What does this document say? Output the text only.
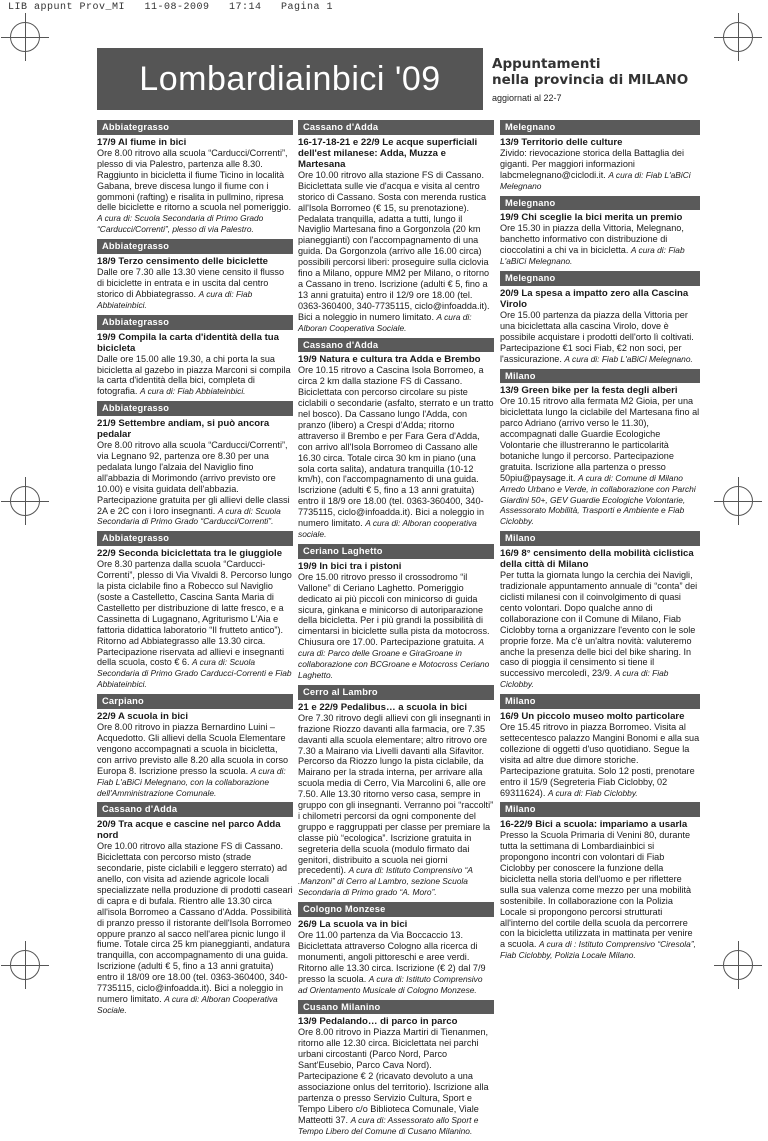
LIB appunt Prov_MI   11-08-2009   17:14   Pagina 1
Lombardiainbici '09	Appuntamenti
nella provincia di MILANO
aggiornati al 22-7
Abbiategrasso
17/9 Al fiume in bici
Ore 8.00 ritrovo alla scuola “Carducci/Correnti”, plesso di via Palestro, partenza alle 8.30. Raggiunto in bicicletta il fiume Ticino in località Gabana, breve discesa lungo il fiume con i gommoni (rafting) e risalita in pullmino, ripresa delle biciclette e ritorno a scuola nel pomeriggio. A cura di: Scuola Secondaria di Primo Grado “Carducci/Correnti”, plesso di via Palestro.
Abbiategrasso
18/9 Terzo censimento delle biciclette
Dalle ore 7.30 alle 13.30 viene censito il flusso di biciclette in entrata e in uscita dal centro storico di Abbiategrasso. A cura di: Fiab Abbiateinbici.
Abbiategrasso
19/9 Compila la carta d'identità della tua bicicleta
Dalle ore 15.00 alle 19.30, a chi porta la sua bicicletta al gazebo in piazza Marconi si compila la carta d'identità della bici, completa di fotografia. A cura di: Fiab Abbiateinbici.
Abbiategrasso
21/9 Settembre andiam, si può ancora pedalar
Ore 8.00 ritrovo alla scuola “Carducci/Correnti”, via Legnano 92, partenza ore 8.30 per una pedalata lungo l'alzaia del Naviglio fino all'abbazia di Morimondo (arrivo previsto ore 10.00) e visita guidata dell'abbazia. Partecipazione gratuita per gli allievi delle classi 2A e 2C con i loro insegnanti. A cura di: Scuola Secondaria di Primo Grado “Carducci/Correnti”.
Abbiategrasso
22/9 Seconda biciclettata tra le giuggiole
Ore 8.30 partenza dalla scuola “Carducci-Correnti”, plesso di Via Vivaldi 8. Percorso lungo la pista ciclabile fino a Robecco sul Naviglio (soste a Castelletto, Cascina Santa Maria di Castelletto per distribuzione di latte fresco, e a Cassinetta di Lugagnano, Agriturismo L'Aia e fattoria didattica laboratorio “Il frutteto antico”). Ritorno ad Abbiategrasso alle 13.30 circa. Partecipazione riservata ad allievi e insegnanti della scuola, costo € 6. A cura di: Scuola Secondaria di Primo Grado Carducci-Correnti e Fiab Abbiateinbici.
Carpiano
22/9 A scuola in bici
Ore 8.00 ritrovo in piazza Bernardino Luini – Acquedotto. Gli allievi della Scuola Elementare vengono accompagnati a scuola in bicicletta, con arrivo previsto alle 8.20 alla scuola in corso Europa 8. Iscrizione presso la scuola. A cura di: Fiab L'aBiCi Melegnano, con la collaborazione dell'Amministrazione Comunale.
Cassano d'Adda
20/9 Tra acque e cascine nel parco Adda nord
Ore 10.00 ritrovo alla stazione FS di Cassano. Biciclettata con percorso misto (strade secondarie, piste ciclabili e leggero sterrato) ad anello, con visita ad aziende agricole locali specializzate nella produzione di prodotti caseari di capra e di bufala. Rientro alle 13.30 circa all'isola Borromeo a Cassano d'Adda. Possibilità di pranzo presso il ristorante dell'Isola Borromeo oppure pranzo al sacco nell'area picnic lungo il fiume. Totale circa 25 km pianeggianti, andatura tranquilla, con accompagnamento di una guida. Iscrizione (adulti € 5, fino a 13 anni gratuita) entro il 18/09 ore 18.00 (tel. 0363-360400, 340-7735115, ciclo@infoadda.it). Bici a noleggio in numero limitato. A cura di: Alboran Cooperativa Sociale.
Cassano d'Adda
16-17-18-21 e 22/9 Le acque superficiali dell'est milanese: Adda, Muzza e Martesana
Ore 10.00 ritrovo alla stazione FS di Cassano. Biciclettata sulle vie d'acqua e visita al centro storico di Cassano. Sosta con merenda rustica all'Isola Borromeo (€ 15, su prenotazione). Pedalata tranquilla, adatta a tutti, lungo il Naviglio Martesana fino a Gorgonzola (20 km pianeggianti) con l'accompagnamento di una guida. Da Gorgonzola (arrivo alle 16.00 circa) possibili percorsi liberi: proseguire sulla ciclovia fino a Milano, oppure MM2 per Milano, o ritorno a Cassano in treno. Iscrizione (adulti € 5, fino a 13 anni gratuita) entro il 12/9 ore 18.00 (tel. 0363-360400, 340-7735115, ciclo@infoadda.it). Bici a noleggio in numero limitato. A cura di: Alboran Cooperativa Sociale.
Cassano d'Adda
19/9 Natura e cultura tra Adda e Brembo
Ore 10.15 ritrovo a Cascina Isola Borromeo, a circa 2 km dalla stazione FS di Cassano. Biciclettata con percorso circolare su piste ciclabili o secondarie (asfalto, sterrato e un tratto nel bosco). Da Cassano lungo l'Adda, con pranzo (libero) a Crespi d'Adda; ritorno attraverso il Brembo e per Fara Gera d'Adda, con arrivo all'Isola Borromeo di Cassano alle 16.30 circa. Totale circa 30 km in piano (una sola corta salita), andatura tranquilla (10-12 km/h), con l'accompagnamento di una guida. Iscrizione (adulti € 5, fino a 13 anni gratuita) entro il 18/9 ore 18.00 (tel. 0363-360400, 340-7735115, ciclo@infoadda.it). Bici a noleggio in numero limitato. A cura di: Alboran cooperativa sociale.
Ceriano Laghetto
19/9 In bici tra i pistoni
Ore 15.00 ritrovo presso il crossodromo “il Vallone” di Ceriano Laghetto. Pomeriggio dedicato ai più piccoli con minicorso di guida sicura, ginkana e minicorso di autoriparazione della bicicletta. Per i più grandi la possibilità di cimentarsi in biciclette sulla pista da motocross. Chiusura ore 17.00. Partecipazione gratuita. A cura di: Parco delle Groane e GiraGroane in collaborazione con BCGroane e Motocross Ceriano Laghetto.
Cerro al Lambro
21 e 22/9 Pedalibus… a scuola in bici
Ore 7.30 ritrovo degli allievi con gli insegnanti in frazione Riozzo davanti alla farmacia, ore 7.35 davanti alla scuola elementare; altro ritrovo ore 7.30 a Mairano via Livelli davanti alla Sifavitor. Percorso da Riozzo lungo la pista ciclabile, da Mairano per la strada interna, per arrivare alla scuola media di Cerro, Via Marcolini 6, alle ore 7.50. Alle 13.30 ritorno verso casa, sempre in gruppo con gli insegnanti. Verranno poi “raccolti” i chilometri percorsi da ogni componente del gruppo e raggruppati per classe per premiare la classe più “ecologica”. Iscrizione gratuita in segreteria della scuola (modulo firmato dai genitori, distribuito a scuola nei giorni precedenti). A cura di: Istituto Comprensivo “A .Manzoni” di Cerro al Lambro, sezione Scuola Secondaria di Primo grado “A. Moro”.
Cologno Monzese
26/9 La scuola va in bici
Ore 11.00 partenza da Via Boccaccio 13. Biciclettata attraverso Cologno alla ricerca di monumenti, angoli pittoreschi e aree verdi. Ritorno alle 13.30 circa. Iscrizione (€ 2) dal 7/9 presso la scuola. A cura di: Istituto Comprensivo ad Orientamento Musicale di Cologno Monzese.
Cusano Milanino
13/9 Pedalando… di parco in parco
Ore 8.00 ritrovo in Piazza Martiri di Tienanmen, ritorno alle 12.30 circa. Biciclettata nei parchi urbani circostanti (Parco Nord, Parco Sant'Eusebio, Parco Cava Nord). Partecipazione € 2 (ricavato devoluto a una associazione onlus del territorio). Iscrizione alla partenza o presso Servizio Cultura, Sport e Tempo Libero c/o Biblioteca Comunale, Viale Matteotti 37. A cura di: Assessorato allo Sport e Tempo Libero del Comune di Cusano Milanino.
Melegnano
13/9 Territorio delle culture
Zivido: rievocazione storica della Battaglia dei giganti. Per maggiori informazioni labcmelegnano@ciclodi.it. A cura di: Fiab L'aBiCi Melegnano
Melegnano
19/9 Chi sceglie la bici merita un premio
Ore 15.30 in piazza della Vittoria, Melegnano, banchetto informativo con distribuzione di cioccolatini a chi va in bicicletta. A cura di: Fiab L'aBiCi Melegnano.
Melegnano
20/9 La spesa a impatto zero alla Cascina Virolo
Ore 15.00 partenza da piazza della Vittoria per una biciclettata alla cascina Virolo, dove è possibile acquistare i prodotti dell'orto lì coltivati. Partecipazione €1 soci Fiab, €2 non soci, per l'assicurazione. A cura di: Fiab L'aBiCi Melegnano.
Milano
13/9 Green bike per la festa degli alberi
Ore 10.15 ritrovo alla fermata M2 Gioia, per una biciclettata lungo la ciclabile del Martesana fino al parco Adriano (arrivo verso le 11.30), accompagnati dalle Guardie Ecologiche Volontarie che illustreranno le particolarità botaniche lungo il percorso. Partecipazione gratuita. Iscrizione alla partenza o presso 50piu@paysage.it. A cura di: Comune di Milano Arredo Urbano e Verde, in collaborazione con Parchi Giardini 50+, GEV Guardie Ecologiche Volontarie, Assessorato Mobilità, Trasporti e Ambiente e Fiab Ciclobby.
Milano
16/9 8° censimento della mobilità ciclistica della città di Milano
Per tutta la giornata lungo la cerchia dei Navigli, tradizionale appuntamento annuale di “conta” dei ciclisti milanesi con il coinvolgimento di quasi cento volontari. Dopo qualche anno di collaborazione con il Comune di Milano, Fiab Ciclobby torna a organizzare l'evento con le sole proprie forze. Ma c'è un'altra novità: valuteremo anche la presenza delle bici del bike sharing. In caso di pioggia il censimento si tiene il successivo mercoledì, 23/9. A cura di: Fiab Ciclobby.
Milano
16/9 Un piccolo museo molto particolare
Ore 15.45 ritrovo in piazza Borromeo. Visita al settecentesco palazzo Mangini Bonomi e alla sua collezione di oggetti d'uso quotidiano. Segue la visita ad altre due dimore storiche. Partecipazione gratuita. Solo 12 posti, prenotare entro il 15/9 (Segreteria Fiab Ciclobby, 02 69311624). A cura di: Fiab Ciclobby.
Milano
16-22/9 Bici a scuola: impariamo a usarla
Presso la Scuola Primaria di Venini 80, durante tutta la settimana di Lombardiainbici si propongono incontri con volontari di Fiab Ciclobby per conoscere la funzione della bicicletta nella storia dell'uomo e per riflettere sulla sua valenza come mezzo per una mobilità sostenibile. In collaborazione con la Polizia Locale si propongono percorsi strutturati all'interno del cortile della scuola da percorrere con la bicicletta utilizzata in mattinata per venire a scuola. A cura di : Istituto Comprensivo “Ciresola”, Fiab Ciclobby, Polizia Locale Milano.
